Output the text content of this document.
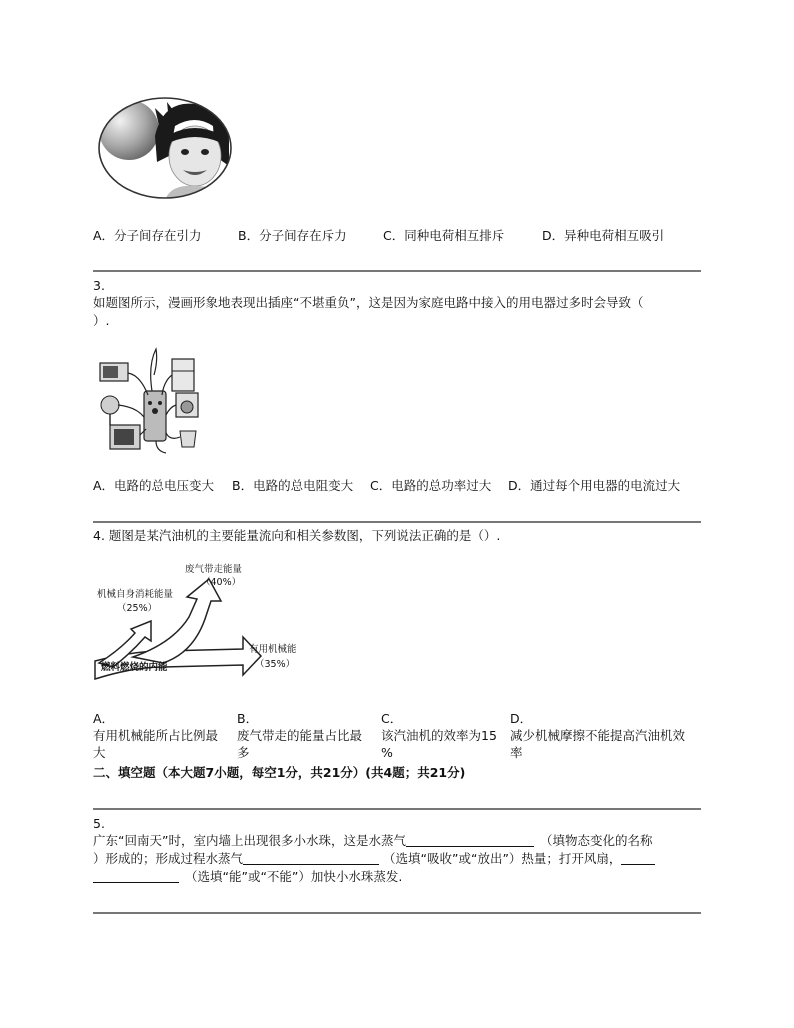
A．分子间存在引力	B．分子间存在斥力	C．同种电荷相互排斥	D．异种电荷相互吸引
3.
如题图所示，漫画形象地表现出插座“不堪重负”，这是因为家庭电路中接入的用电器过多时会导致（
）.
A．电路的总电压变大 B．电路的总电阻变大 C．电路的总功率过大 D．通过每个用电器的电流过大
4. 题图是某汽油机的主要能量流向和相关参数图，下列说法正确的是（）.
废气带走能量
（40%）
机械自身消耗能量
（25%）
有用机械能
（35%）
燃料燃烧的内能
A．
有用机械能所占比例最
大
B．
废气带走的能量占比最
多
C．
该汽油机的效率为15
%
D．
减少机械摩擦不能提高汽油机效
率
二、填空题（本大题7小题，每空1分，共21分）(共4题；共21分)
5.
广东“回南天”时，室内墙上出现很多小水珠，这是水蒸气	（填物态变化的名称
）形成的；形成过程水蒸气	（选填“吸收”或“放出”）热量；打开风扇，
（选填“能”或“不能”）加快小水珠蒸发.
